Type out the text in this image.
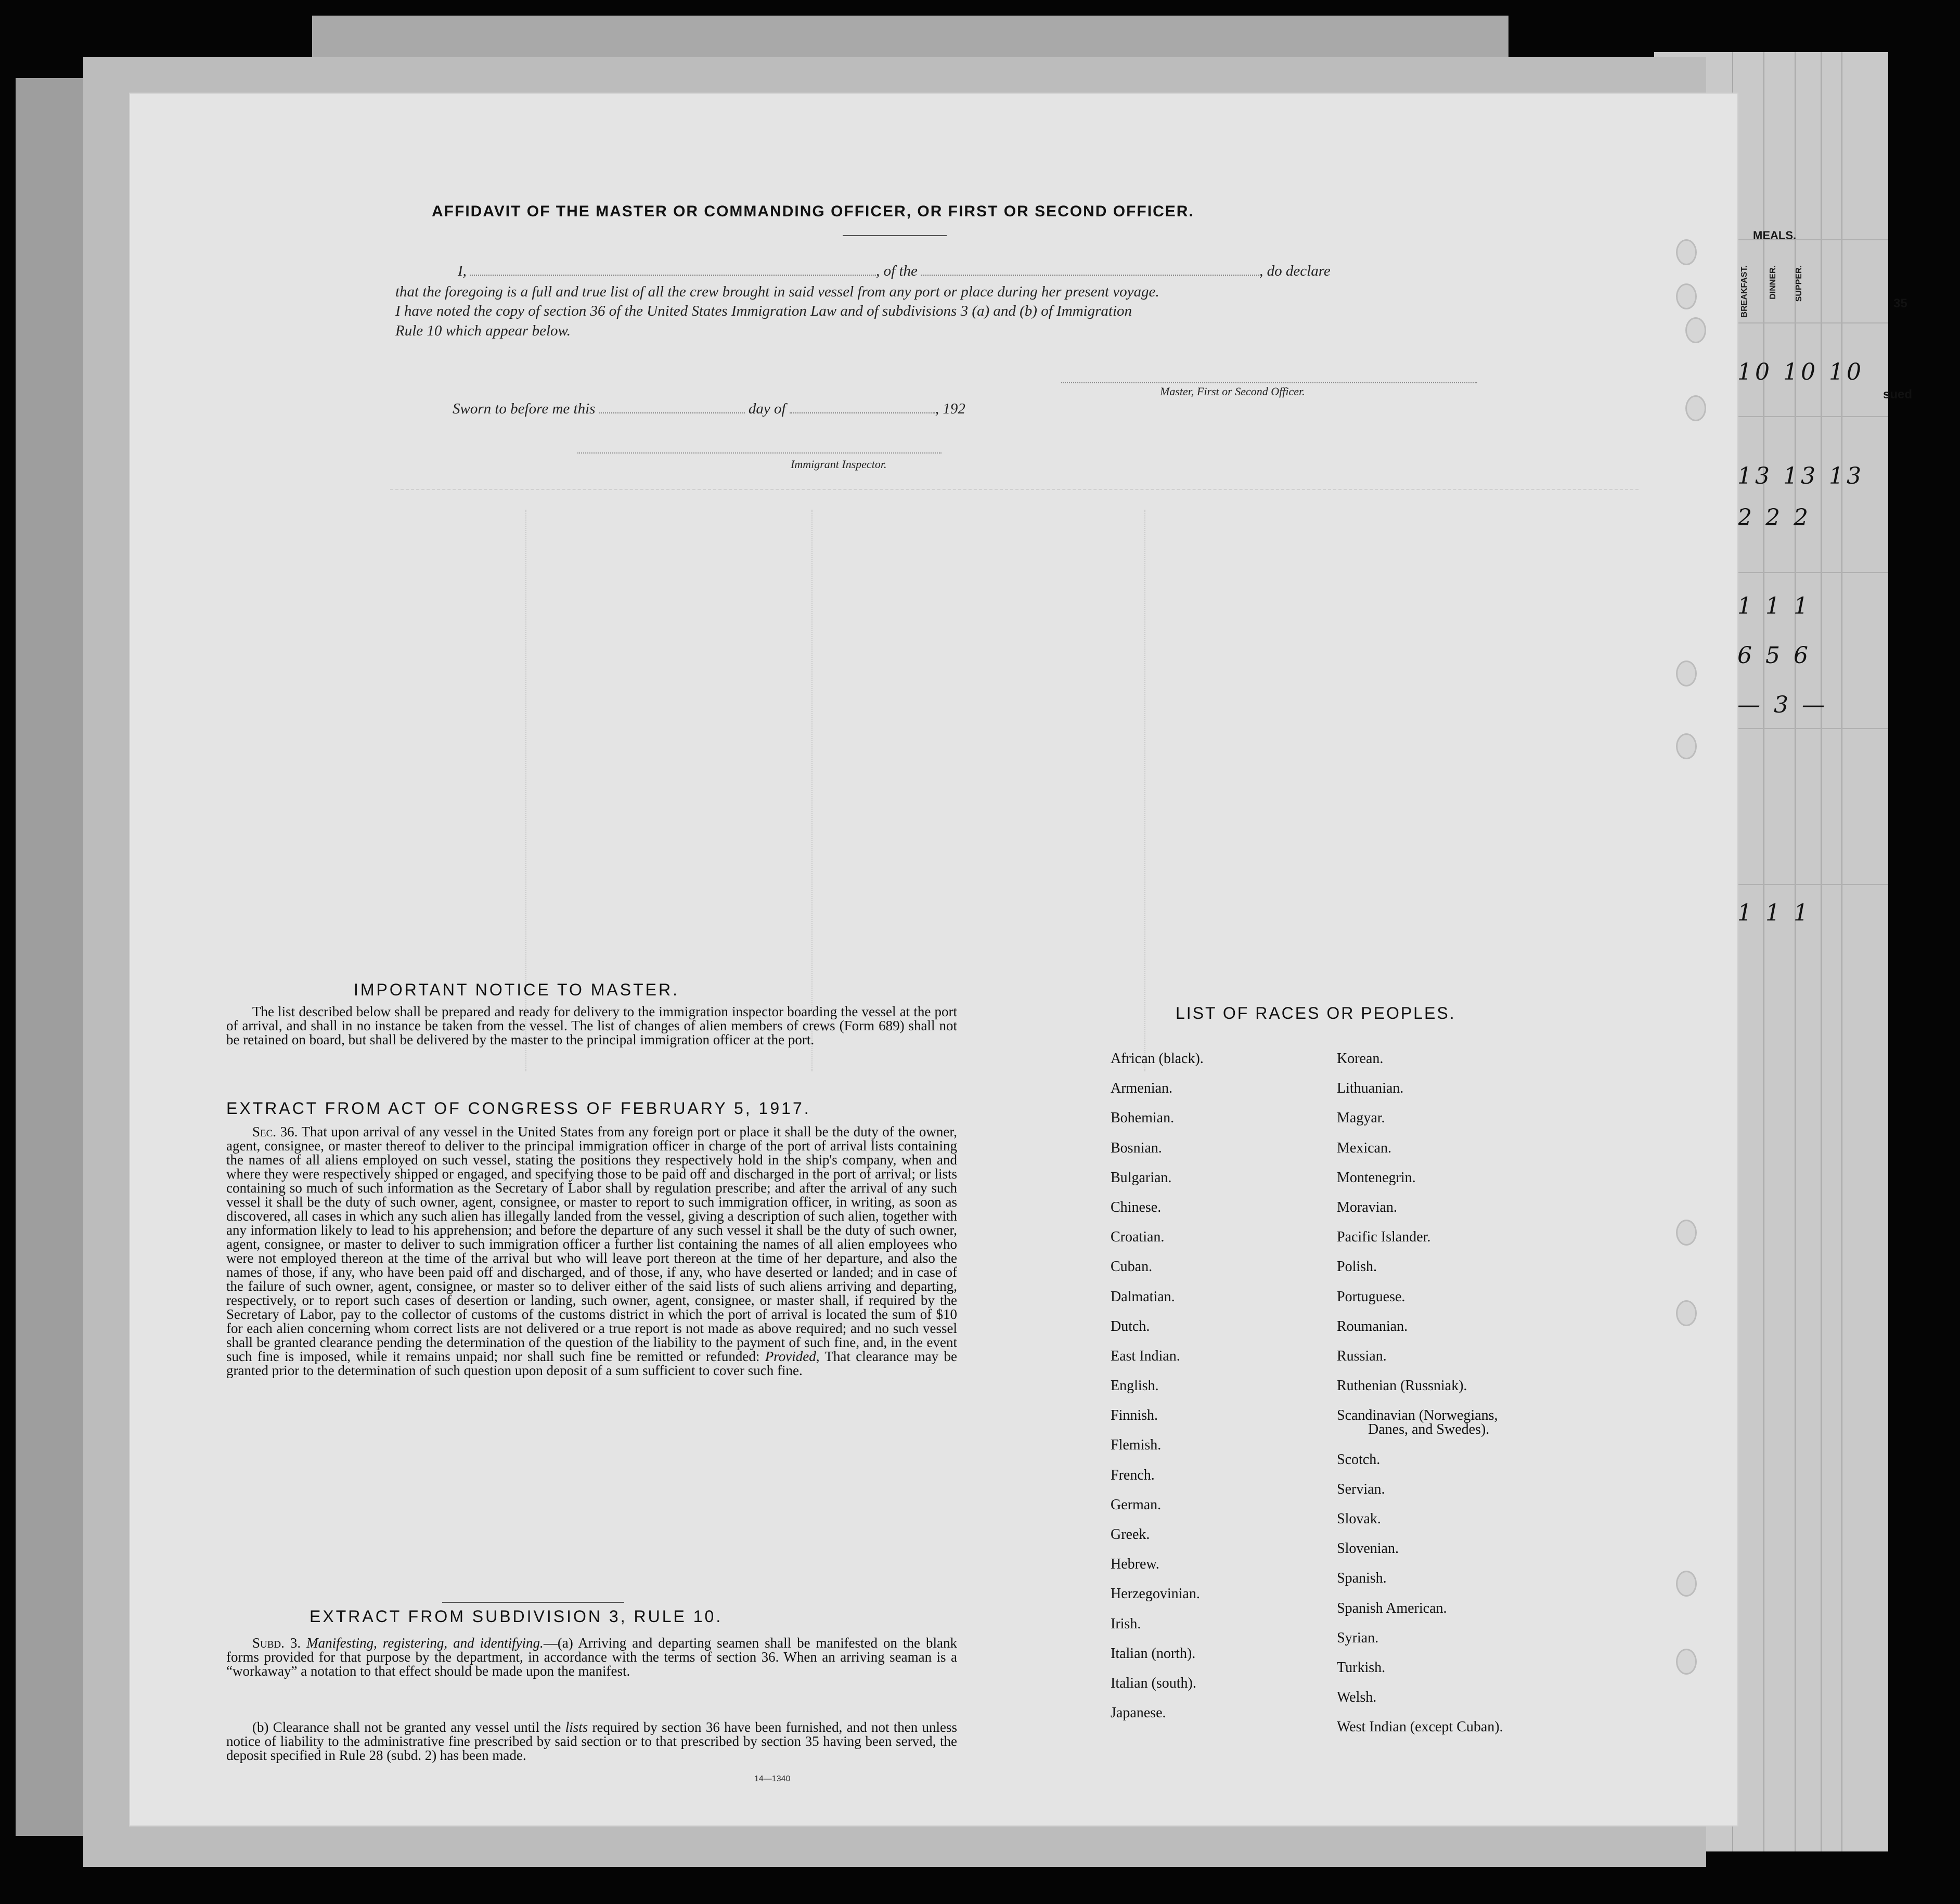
MEALS.
BREAKFAST. DINNER. SUPPER.
35
sued
10 10 10
13 13 13
2 2 2
1 1 1
6 5 6
— 3 —
1 1 1
AFFIDAVIT OF THE MASTER OR COMMANDING OFFICER, OR FIRST OR SECOND OFFICER.
I,	, of the	, do declare
that the foregoing is a full and true list of all the crew brought in said vessel from any port or place during her present voyage.
I have noted the copy of section 36 of the United States Immigration Law and of subdivisions 3 (a) and (b) of Immigration
Rule 10 which appear below.
Master, First or Second Officer.
Sworn to before me this	day of	, 192
Immigrant Inspector.
IMPORTANT NOTICE TO MASTER.
The list described below shall be prepared and ready for delivery to the immigration inspector boarding the vessel at the port of arrival, and shall in no instance be taken from the vessel. The list of changes of alien members of crews (Form 689) shall not be retained on board, but shall be delivered by the master to the principal immigration officer at the port.
EXTRACT FROM ACT OF CONGRESS OF FEBRUARY 5, 1917.
Sec. 36. That upon arrival of any vessel in the United States from any foreign port or place it shall be the duty of the owner, agent, consignee, or master thereof to deliver to the principal immigration officer in charge of the port of arrival lists containing the names of all aliens employed on such vessel, stating the positions they respectively hold in the ship's company, when and where they were respectively shipped or engaged, and specifying those to be paid off and discharged in the port of arrival; or lists containing so much of such information as the Secretary of Labor shall by regulation prescribe; and after the arrival of any such vessel it shall be the duty of such owner, agent, consignee, or master to report to such immigration officer, in writing, as soon as discovered, all cases in which any such alien has illegally landed from the vessel, giving a description of such alien, together with any information likely to lead to his apprehension; and before the departure of any such vessel it shall be the duty of such owner, agent, consignee, or master to deliver to such immigration officer a further list containing the names of all alien employees who were not employed thereon at the time of the arrival but who will leave port thereon at the time of her departure, and also the names of those, if any, who have been paid off and discharged, and of those, if any, who have deserted or landed; and in case of the failure of such owner, agent, consignee, or master so to deliver either of the said lists of such aliens arriving and departing, respectively, or to report such cases of desertion or landing, such owner, agent, consignee, or master shall, if required by the Secretary of Labor, pay to the collector of customs of the customs district in which the port of arrival is located the sum of $10 for each alien concerning whom correct lists are not delivered or a true report is not made as above required; and no such vessel shall be granted clearance pending the determination of the question of the liability to the payment of such fine, and, in the event such fine is imposed, while it remains unpaid; nor shall such fine be remitted or refunded: Provided, That clearance may be granted prior to the determination of such question upon deposit of a sum sufficient to cover such fine.
EXTRACT FROM SUBDIVISION 3, RULE 10.
Subd. 3. Manifesting, registering, and identifying.—(a) Arriving and departing seamen shall be manifested on the blank forms provided for that purpose by the department, in accordance with the terms of section 36. When an arriving seaman is a “workaway” a notation to that effect should be made upon the manifest.
(b) Clearance shall not be granted any vessel until the lists required by section 36 have been furnished, and not then unless notice of liability to the administrative fine prescribed by said section or to that prescribed by section 35 having been served, the deposit specified in Rule 28 (subd. 2) has been made.
14—1340
LIST OF RACES OR PEOPLES.
African (black).
Armenian.
Bohemian.
Bosnian.
Bulgarian.
Chinese.
Croatian.
Cuban.
Dalmatian.
Dutch.
East Indian.
English.
Finnish.
Flemish.
French.
German.
Greek.
Hebrew.
Herzegovinian.
Irish.
Italian (north).
Italian (south).
Japanese.
Korean.
Lithuanian.
Magyar.
Mexican.
Montenegrin.
Moravian.
Pacific Islander.
Polish.
Portuguese.
Roumanian.
Russian.
Ruthenian (Russniak).
Scandinavian (Norwegians,
Danes, and Swedes).
Scotch.
Servian.
Slovak.
Slovenian.
Spanish.
Spanish American.
Syrian.
Turkish.
Welsh.
West Indian (except Cuban).
